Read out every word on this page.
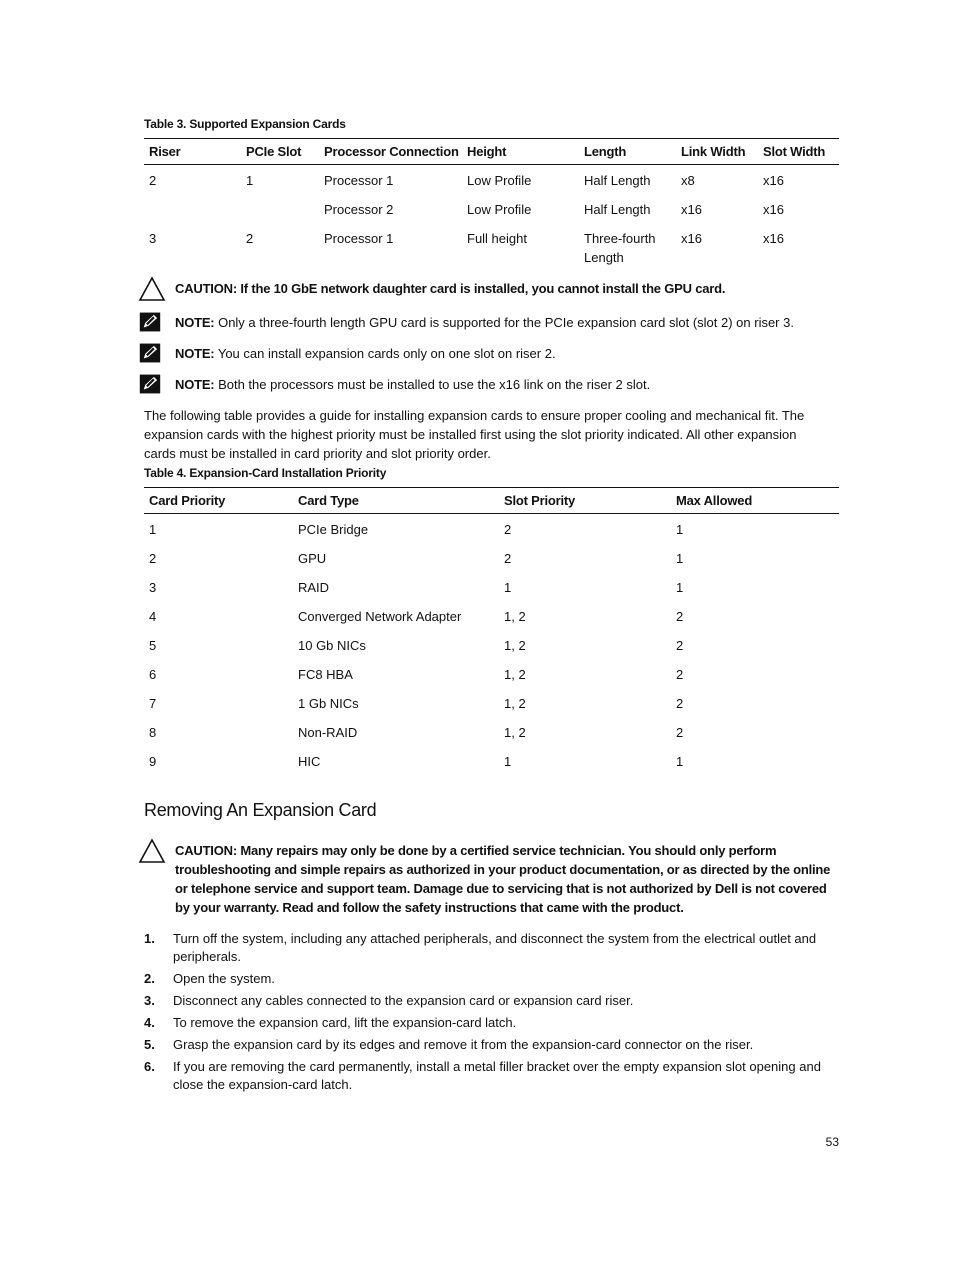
Table 3. Supported Expansion Cards
Riser	PCIe Slot	Processor Connection	Height	Length	Link Width	Slot Width
2	1	Processor 1	Low Profile	Half Length	x8	x16
		Processor 2	Low Profile	Half Length	x16	x16
3	2	Processor 1	Full height	Three-fourth Length	x16	x16
CAUTION: If the 10 GbE network daughter card is installed, you cannot install the GPU card.
NOTE: Only a three-fourth length GPU card is supported for the PCIe expansion card slot (slot 2) on riser 3.
NOTE: You can install expansion cards only on one slot on riser 2.
NOTE: Both the processors must be installed to use the x16 link on the riser 2 slot.
The following table provides a guide for installing expansion cards to ensure proper cooling and mechanical fit. The expansion cards with the highest priority must be installed first using the slot priority indicated. All other expansion cards must be installed in card priority and slot priority order.
Table 4. Expansion-Card Installation Priority
Card Priority	Card Type	Slot Priority	Max Allowed
1	PCIe Bridge	2	1
2	GPU	2	1
3	RAID	1	1
4	Converged Network Adapter	1, 2	2
5	10 Gb NICs	1, 2	2
6	FC8 HBA	1, 2	2
7	1 Gb NICs	1, 2	2
8	Non-RAID	1, 2	2
9	HIC	1	1
Removing An Expansion Card
CAUTION: Many repairs may only be done by a certified service technician. You should only perform troubleshooting and simple repairs as authorized in your product documentation, or as directed by the online or telephone service and support team. Damage due to servicing that is not authorized by Dell is not covered by your warranty. Read and follow the safety instructions that came with the product.
1. Turn off the system, including any attached peripherals, and disconnect the system from the electrical outlet and peripherals.
2. Open the system.
3. Disconnect any cables connected to the expansion card or expansion card riser.
4. To remove the expansion card, lift the expansion-card latch.
5. Grasp the expansion card by its edges and remove it from the expansion-card connector on the riser.
6. If you are removing the card permanently, install a metal filler bracket over the empty expansion slot opening and close the expansion-card latch.
53
